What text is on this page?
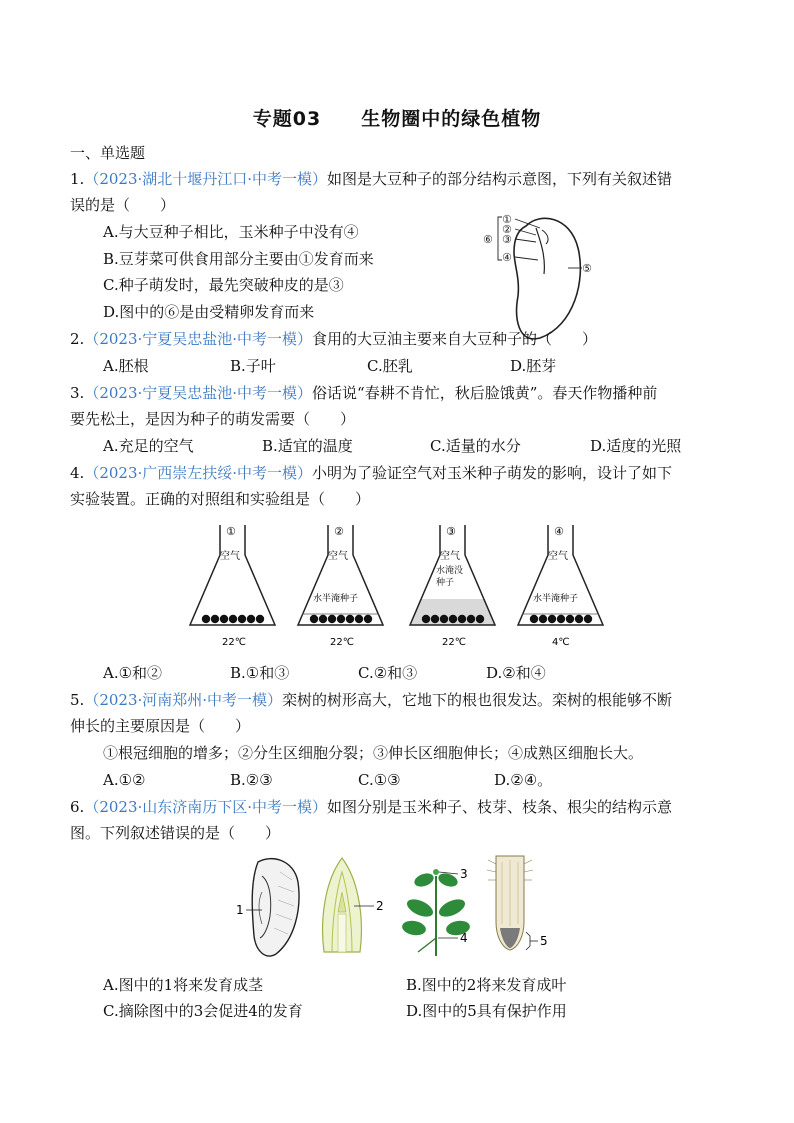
专题03 生物圈中的绿色植物
一、单选题
1.（2023·湖北十堰丹江口·中考一模）如图是大豆种子的部分结构示意图，下列有关叙述错
误的是（　　）
A.与大豆种子相比，玉米种子中没有④
B.豆芽菜可供食用部分主要由①发育而来
C.种子萌发时，最先突破种皮的是③
D.图中的⑥是由受精卵发育而来
①
②
③
④
⑤
⑥
2.（2023·宁夏吴忠盐池·中考一模）食用的大豆油主要来自大豆种子的（　　）
A.胚根	B.子叶	C.胚乳	D.胚芽
3.（2023·宁夏吴忠盐池·中考一模）俗话说“春耕不肯忙，秋后脸饿黄”。春天作物播种前
要先松土，是因为种子的萌发需要（　　）
A.充足的空气	B.适宜的温度	C.适量的水分	D.适度的光照
4.（2023·广西崇左扶绥·中考一模）小明为了验证空气对玉米种子萌发的影响，设计了如下
实验装置。正确的对照组和实验组是（　　）
①
空气
22℃
②
空气
水半淹种子
22℃
③
空气
水淹没种子
22℃
④
空气
水半淹种子
4℃
A.①和②	B.①和③	C.②和③	D.②和④
5.（2023·河南郑州·中考一模）栾树的树形高大，它地下的根也很发达。栾树的根能够不断
伸长的主要原因是（　　）
①根冠细胞的增多；②分生区细胞分裂；③伸长区细胞伸长；④成熟区细胞长大。
A.①②	B.②③	C.①③	D.②④。
6.（2023·山东济南历下区·中考一模）如图分别是玉米种子、枝芽、枝条、根尖的结构示意
图。下列叙述错误的是（　　）
1	2
3
4	5
A.图中的1将来发育成茎	B.图中的2将来发育成叶
C.摘除图中的3会促进4的发育	D.图中的5具有保护作用
